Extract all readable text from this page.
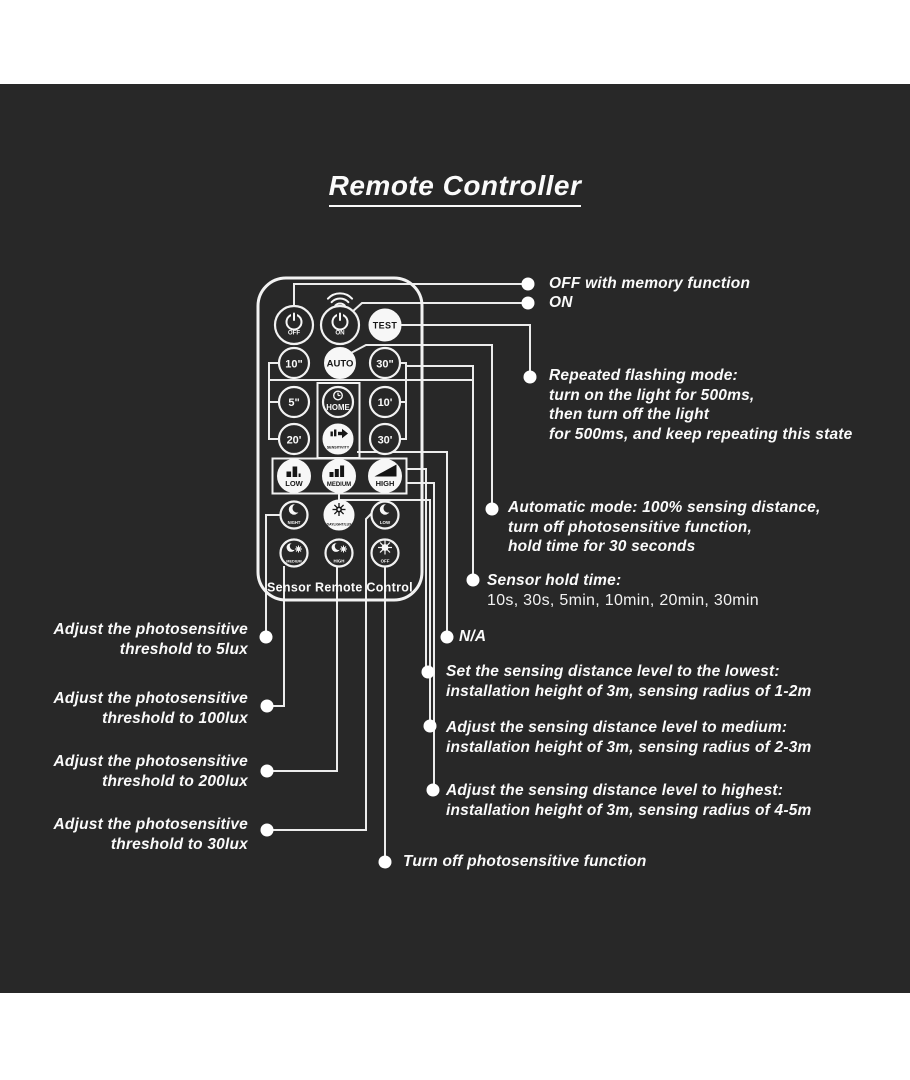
Remote Controller
OFF	ON
TEST
10"	AUTO 30"
5"	HOME	10'
20'
SENSITIVITY
30'
LOW	MEDIUM	HIGH
NIGHT	DAYLIGHT/LUX	LOW
MEDIUM	HIGH	OFF
Sensor Remote Control
OFF with memory function
ON
Repeated flashing mode:
turn on the light for 500ms,
then turn off the light
for 500ms, and keep repeating this state
Automatic mode: 100% sensing distance,
turn off photosensitive function,
hold time for 30 seconds
Sensor hold time:
10s, 30s, 5min, 10min, 20min, 30min
N/A
Set the sensing distance level to the lowest:
installation height of 3m, sensing radius of 1-2m
Adjust the sensing distance level to medium:
installation height of 3m, sensing radius of 2-3m
Adjust the sensing distance level to highest:
installation height of 3m, sensing radius of 4-5m
Adjust the photosensitive
threshold to 5lux
Adjust the photosensitive
threshold to 100lux
Adjust the photosensitive
threshold to 200lux
Adjust the photosensitive
threshold to 30lux
Turn off photosensitive function
